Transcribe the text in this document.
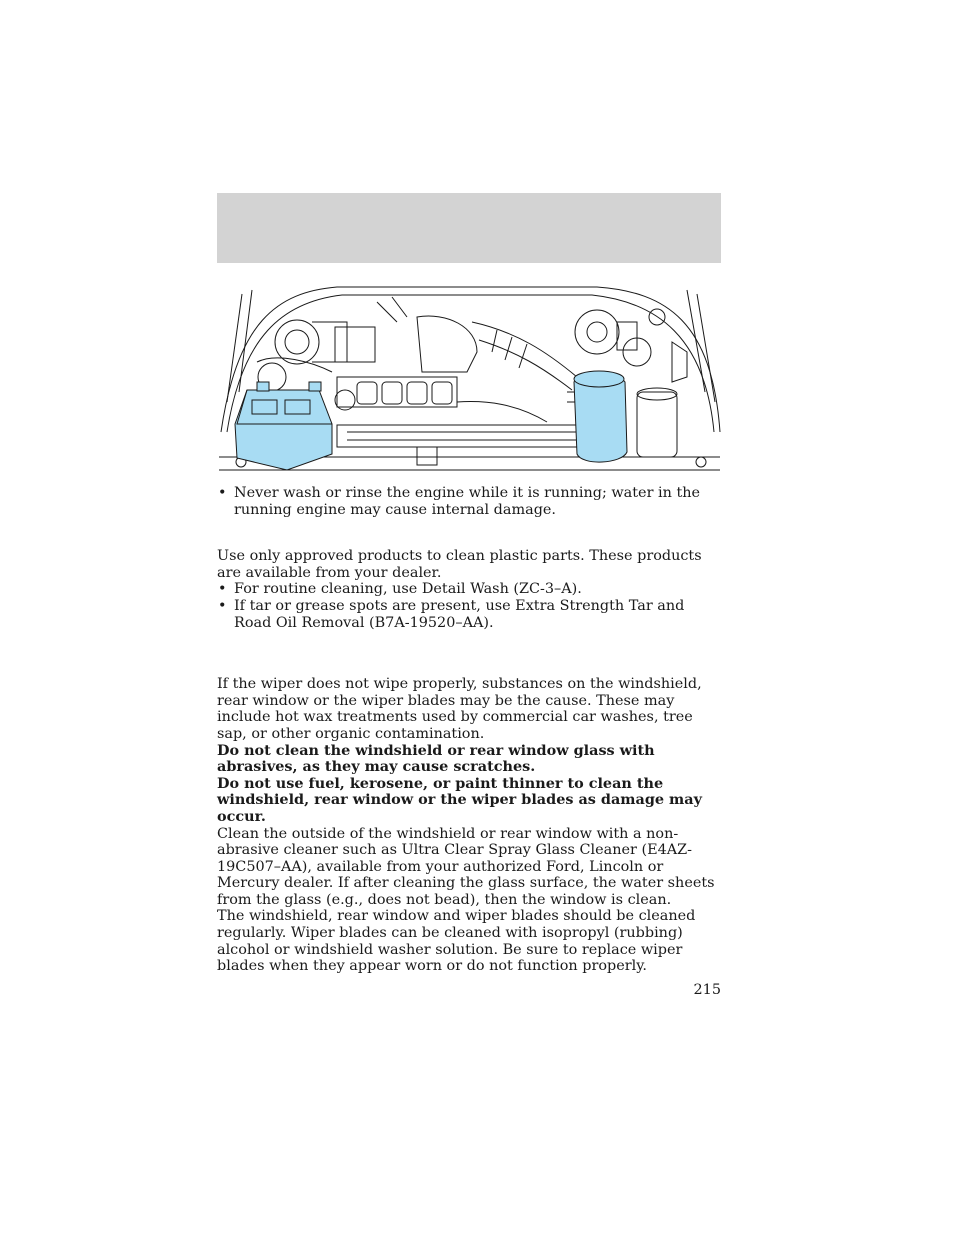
• Never wash or rinse the engine while it is running; water in the running engine may cause internal damage.

Use only approved products to clean plastic parts. These products are available from your dealer.

• For routine cleaning, use Detail Wash (ZC-3–A).
• If tar or grease spots are present, use Extra Strength Tar and Road Oil Removal (B7A-19520–AA).

If the wiper does not wipe properly, substances on the windshield, rear window or the wiper blades may be the cause. These may include hot wax treatments used by commercial car washes, tree sap, or other organic contamination.

Do not clean the windshield or rear window glass with abrasives, as they may cause scratches.

Do not use fuel, kerosene, or paint thinner to clean the windshield, rear window or the wiper blades as damage may occur.

Clean the outside of the windshield or rear window with a non-abrasive cleaner such as Ultra Clear Spray Glass Cleaner (E4AZ-19C507–AA), available from your authorized Ford, Lincoln or Mercury dealer. If after cleaning the glass surface, the water sheets from the glass (e.g., does not bead), then the window is clean.

The windshield, rear window and wiper blades should be cleaned regularly. Wiper blades can be cleaned with isopropyl (rubbing) alcohol or windshield washer solution. Be sure to replace wiper blades when they appear worn or do not function properly.

215
